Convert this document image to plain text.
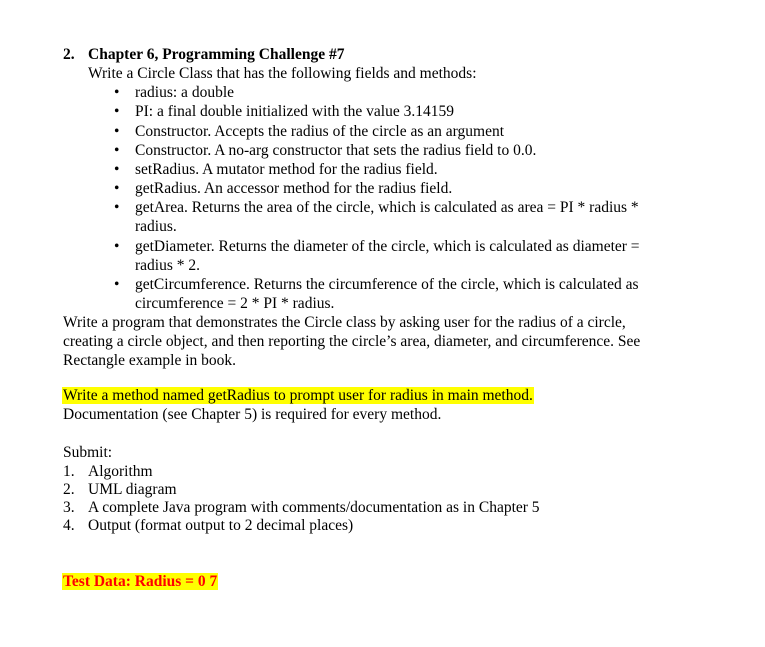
2. Chapter 6, Programming Challenge #7
Write a Circle Class that has the following fields and methods:
• radius: a double
• PI: a final double initialized with the value 3.14159
• Constructor. Accepts the radius of the circle as an argument
• Constructor. A no-arg constructor that sets the radius field to 0.0.
• setRadius. A mutator method for the radius field.
• getRadius. An accessor method for the radius field.
• getArea. Returns the area of the circle, which is calculated as area = PI * radius *
radius.
• getDiameter. Returns the diameter of the circle, which is calculated as diameter =
radius * 2.
• getCircumference. Returns the circumference of the circle, which is calculated as
circumference = 2 * PI * radius.
Write a program that demonstrates the Circle class by asking user for the radius of a circle,
creating a circle object, and then reporting the circle’s area, diameter, and circumference. See
Rectangle example in book.
Write a method named getRadius to prompt user for radius in main method.
Documentation (see Chapter 5) is required for every method.
Submit:
1. Algorithm
2. UML diagram
3. A complete Java program with comments/documentation as in Chapter 5
4. Output (format output to 2 decimal places)
Test Data: Radius = 0 7
